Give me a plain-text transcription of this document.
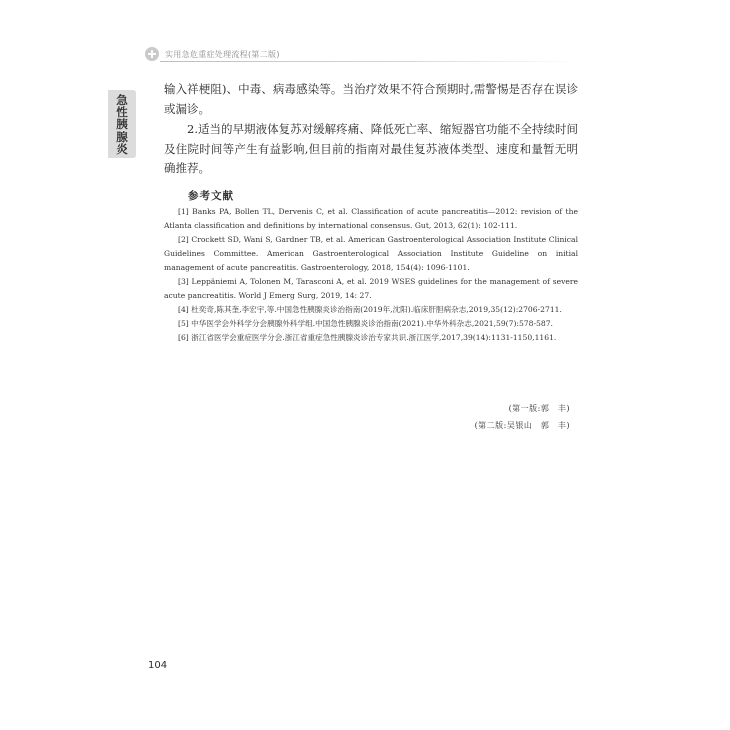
实用急危重症处理流程(第二版)
急
性
胰
腺
炎

输入祥梗阻)、中毒、病毒感染等。当治疗效果不符合预期时,需警惕是否存在误诊或漏诊。

2.适当的早期液体复苏对缓解疼痛、降低死亡率、缩短器官功能不全持续时间及住院时间等产生有益影响,但目前的指南对最佳复苏液体类型、速度和量暂无明确推荐。

参考文献

[1] Banks PA, Bollen TL, Dervenis C, et al. Classification of acute pancreatitis—2012: revision of the Atlanta classification and definitions by international consensus. Gut, 2013, 62(1): 102-111.

[2] Crockett SD, Wani S, Gardner TB, et al. American Gastroenterological Association Institute Clinical Guidelines Committee. American Gastroenterological Association Institute Guideline on initial management of acute pancreatitis. Gastroenterology, 2018, 154(4): 1096-1101.

[3] Leppäniemi A, Tolonen M, Tarasconi A, et al. 2019 WSES guidelines for the management of severe acute pancreatitis. World J Emerg Surg, 2019, 14: 27.

[4] 杜奕奇,陈其奎,李宏宇,等.中国急性胰腺炎诊治指南(2019年,沈阳).临床肝胆病杂志,2019,35(12):2706-2711.

[5] 中华医学会外科学分会胰腺外科学组.中国急性胰腺炎诊治指南(2021).中华外科杂志,2021,59(7):578-587.

[6] 浙江省医学会重症医学分会.浙江省重症急性胰腺炎诊治专家共识.浙江医学,2017,39(14):1131-1150,1161.

(第一版:郭　丰)
(第二版:吴银山　郭　丰)
104
